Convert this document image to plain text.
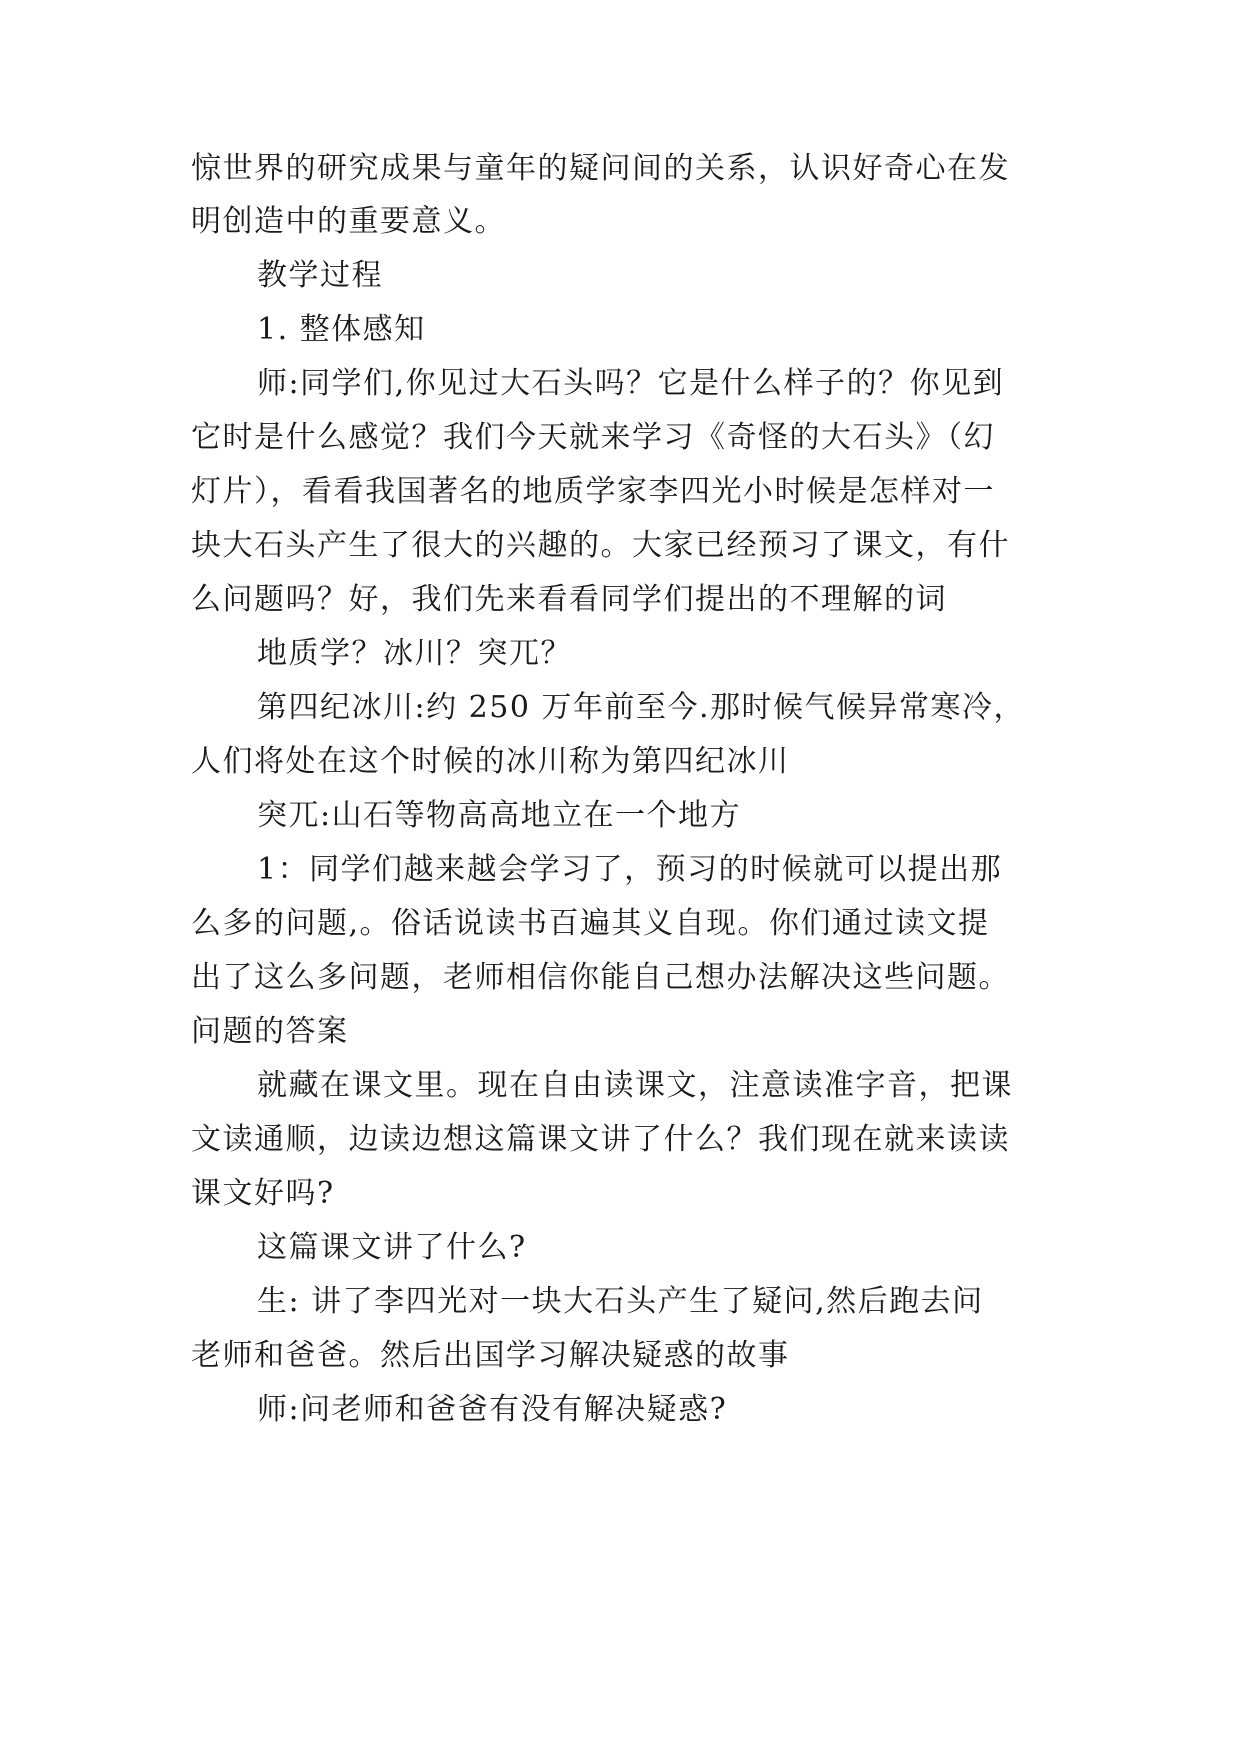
惊世界的研究成果与童年的疑问间的关系，认识好奇心在发
明创造中的重要意义。
教学过程
1. 整体感知
师:同学们,你见过大石头吗？它是什么样子的？你见到
它时是什么感觉？我们今天就来学习《奇怪的大石头》（幻
灯片），看看我国著名的地质学家李四光小时候是怎样对一
块大石头产生了很大的兴趣的。大家已经预习了课文，有什
么问题吗？好，我们先来看看同学们提出的不理解的词
地质学？冰川？突兀？
第四纪冰川:约 250 万年前至今.那时候气候异常寒冷，
人们将处在这个时候的冰川称为第四纪冰川
突兀:山石等物高高地立在一个地方
1：同学们越来越会学习了，预习的时候就可以提出那
么多的问题,。俗话说读书百遍其义自现。你们通过读文提
出了这么多问题，老师相信你能自己想办法解决这些问题。
问题的答案
就藏在课文里。现在自由读课文，注意读准字音，把课
文读通顺，边读边想这篇课文讲了什么？我们现在就来读读
课文好吗?
这篇课文讲了什么?
生: 讲了李四光对一块大石头产生了疑问,然后跑去问
老师和爸爸。然后出国学习解决疑惑的故事
师:问老师和爸爸有没有解决疑惑?
